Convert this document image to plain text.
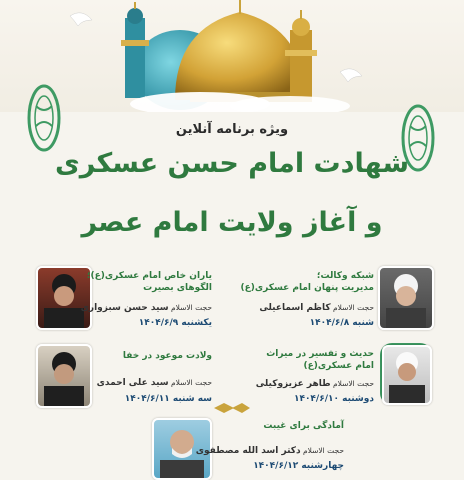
ویژه برنامه آنلاین
شهادت امام حسن عسکری
و آغاز ولایت امام عصر
شبکه وکالت؛
مدیریت پنهان امام عسکری(ع)
حجت الاسلام کاظم اسماعیلی
شنبه ۱۴۰۴/۶/۸
یاران خاص امام عسکری(ع)؛
الگوهای بصیرت
حجت الاسلام سید حسن سبزواری
یکشنبه ۱۴۰۴/۶/۹
حدیث و تفسیر در میراث
امام عسکری(ع)
حجت الاسلام طاهر عزیزوکیلی
دوشنبه ۱۴۰۴/۶/۱۰
ولادت موعود در خفا
حجت الاسلام سید علی احمدی
سه شنبه ۱۴۰۴/۶/۱۱
آمادگی برای غیبت
حجت الاسلام دکتر اسد الله مصطفوی
چهارشنبه ۱۴۰۴/۶/۱۲
